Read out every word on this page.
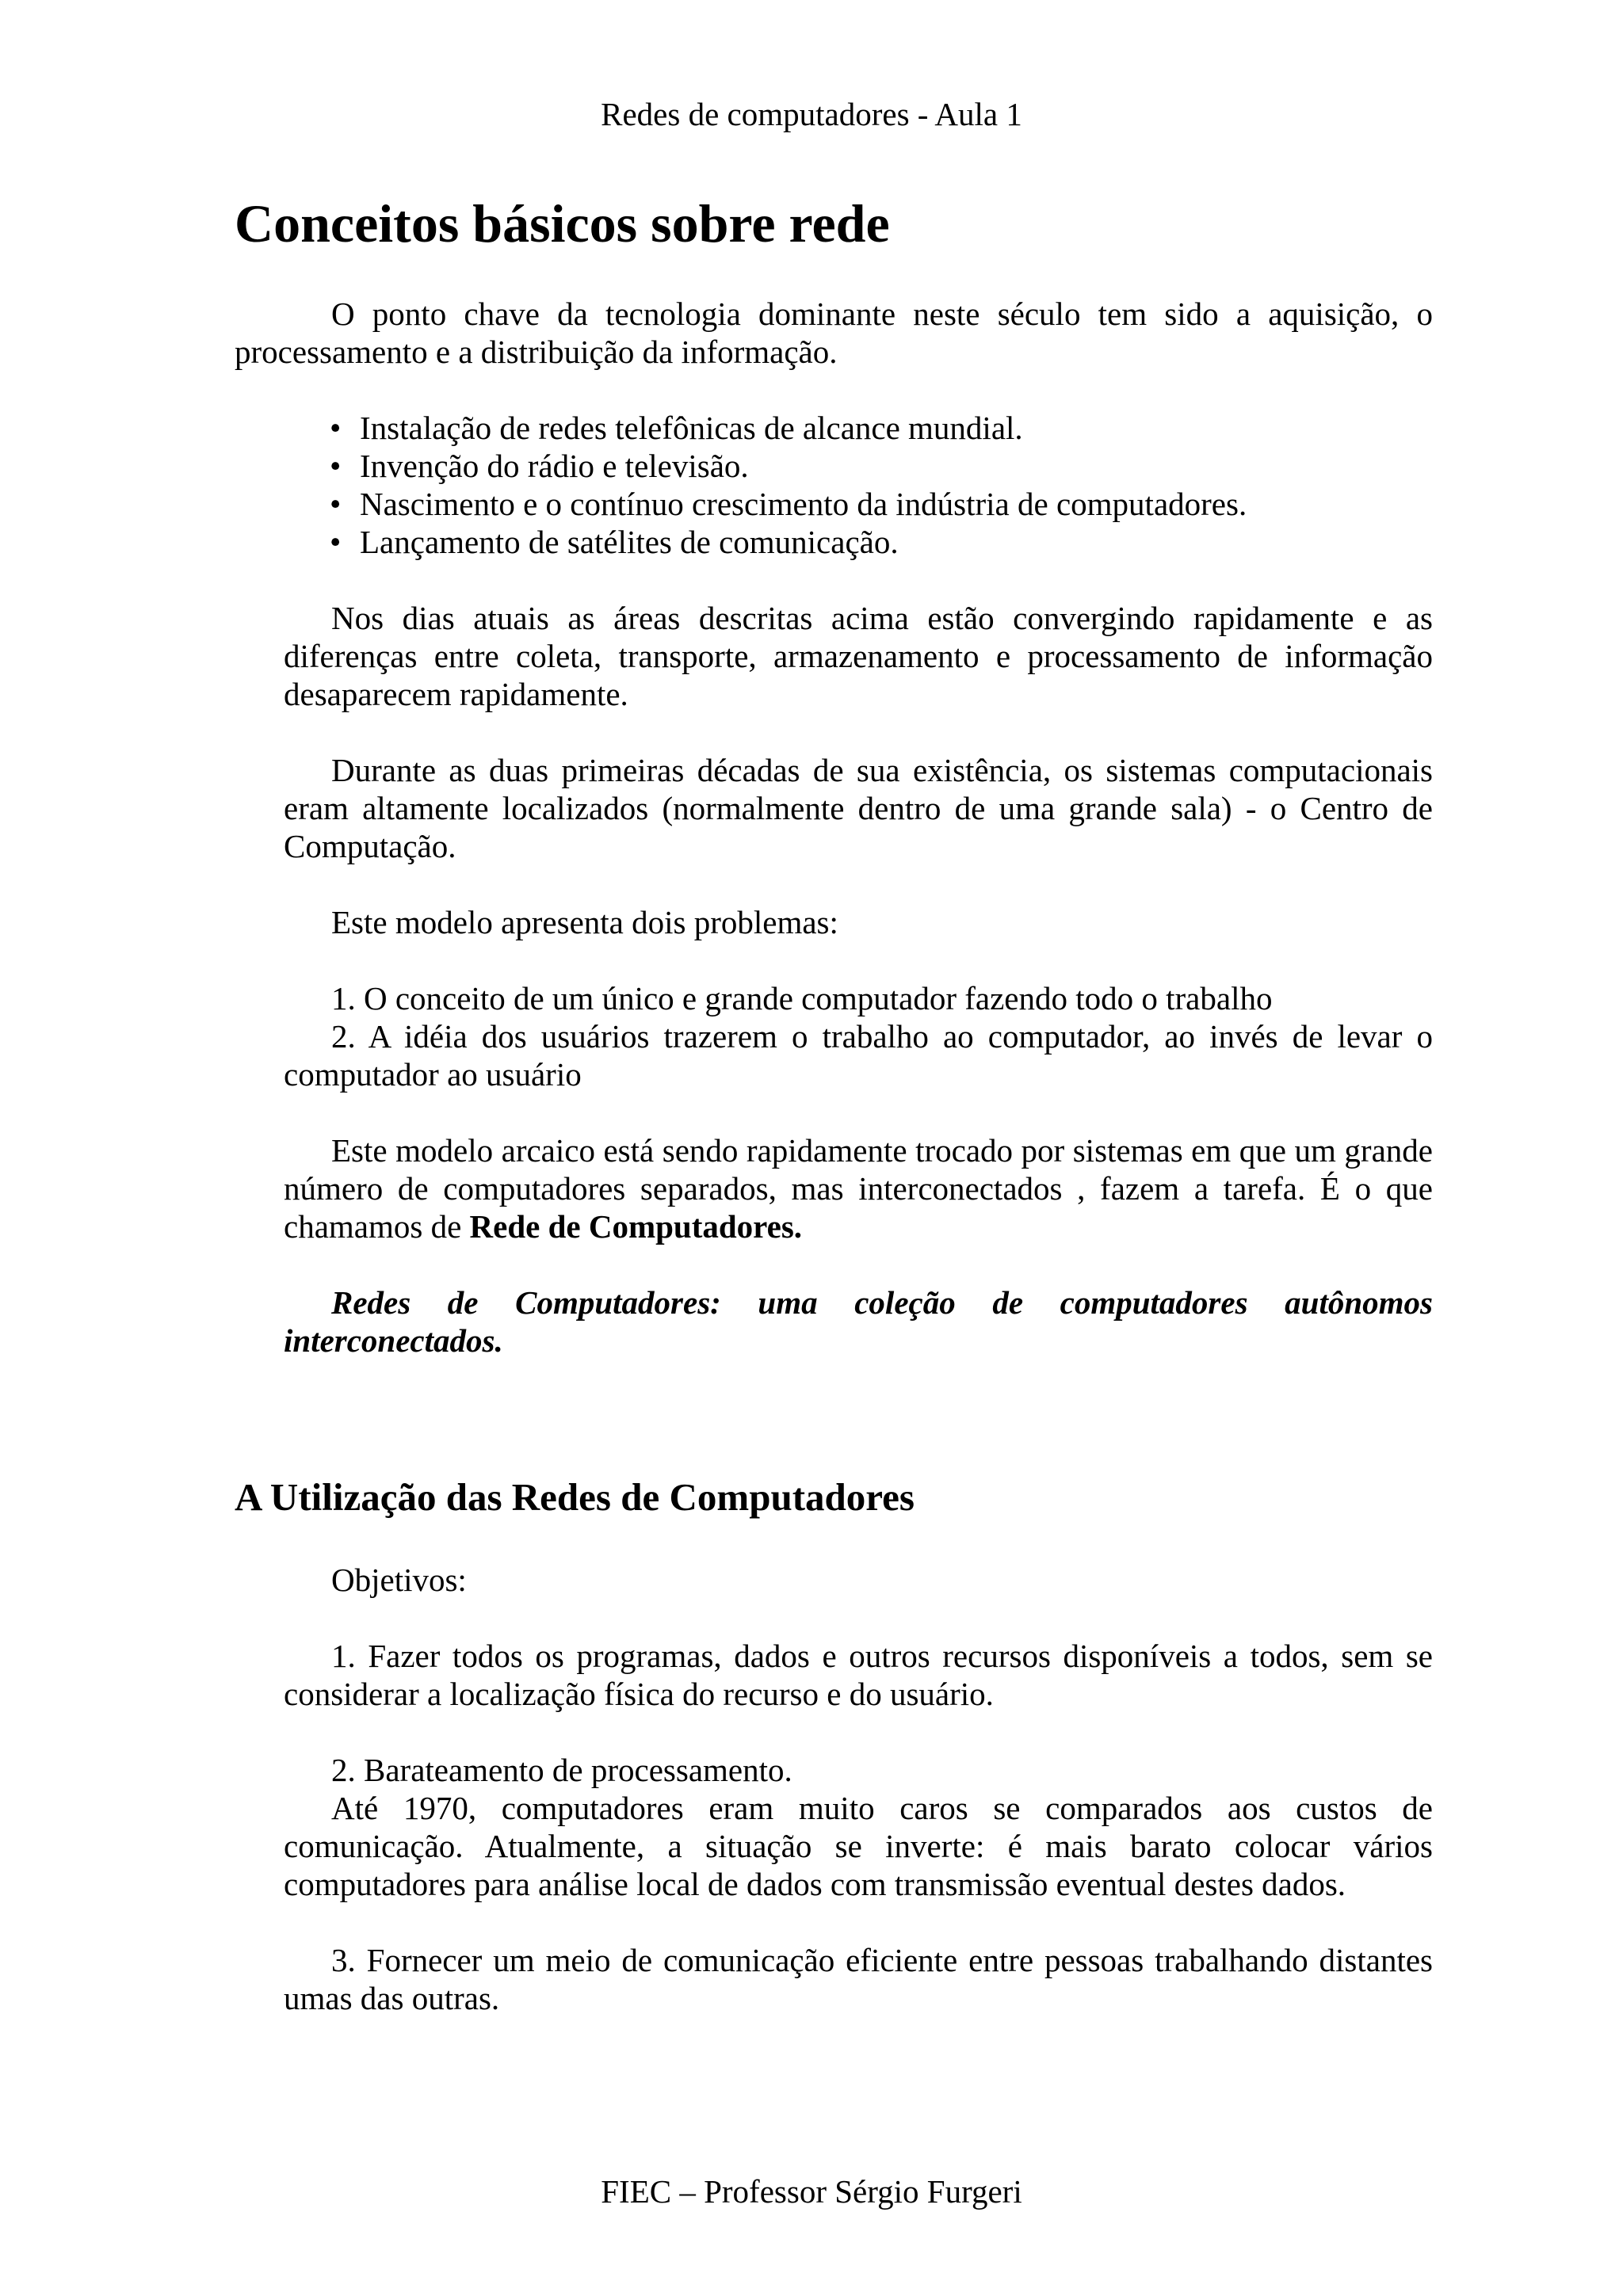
Redes de computadores - Aula 1
Conceitos básicos sobre rede

O ponto chave da tecnologia dominante neste século tem sido a aquisição, o processamento e a distribuição da informação.

• Instalação de redes telefônicas de alcance mundial.
• Invenção do rádio e televisão.
• Nascimento e o contínuo crescimento da indústria de computadores.
• Lançamento de satélites de comunicação.

Nos dias atuais as áreas descritas acima estão convergindo rapidamente e as diferenças entre coleta, transporte, armazenamento e processamento de informação desaparecem rapidamente.

Durante as duas primeiras décadas de sua existência, os sistemas computacionais eram altamente localizados (normalmente dentro de uma grande sala) - o Centro de Computação.

Este modelo apresenta dois problemas:

1. O conceito de um único e grande computador fazendo todo o trabalho

2. A idéia dos usuários trazerem o trabalho ao computador, ao invés de levar o computador ao usuário

Este modelo arcaico está sendo rapidamente trocado por sistemas em que um grande número de computadores separados, mas interconectados , fazem a tarefa. É o que chamamos de Rede de Computadores.

Redes de Computadores: uma coleção de computadores autônomos interconectados.

A Utilização das Redes de Computadores

Objetivos:

1. Fazer todos os programas, dados e outros recursos disponíveis a todos, sem se considerar a localização física do recurso e do usuário.

2. Barateamento de processamento.

Até 1970, computadores eram muito caros se comparados aos custos de comunicação. Atualmente, a situação se inverte: é mais barato colocar vários computadores para análise local de dados com transmissão eventual destes dados.

3. Fornecer um meio de comunicação eficiente entre pessoas trabalhando distantes umas das outras.

FIEC – Professor Sérgio Furgeri
